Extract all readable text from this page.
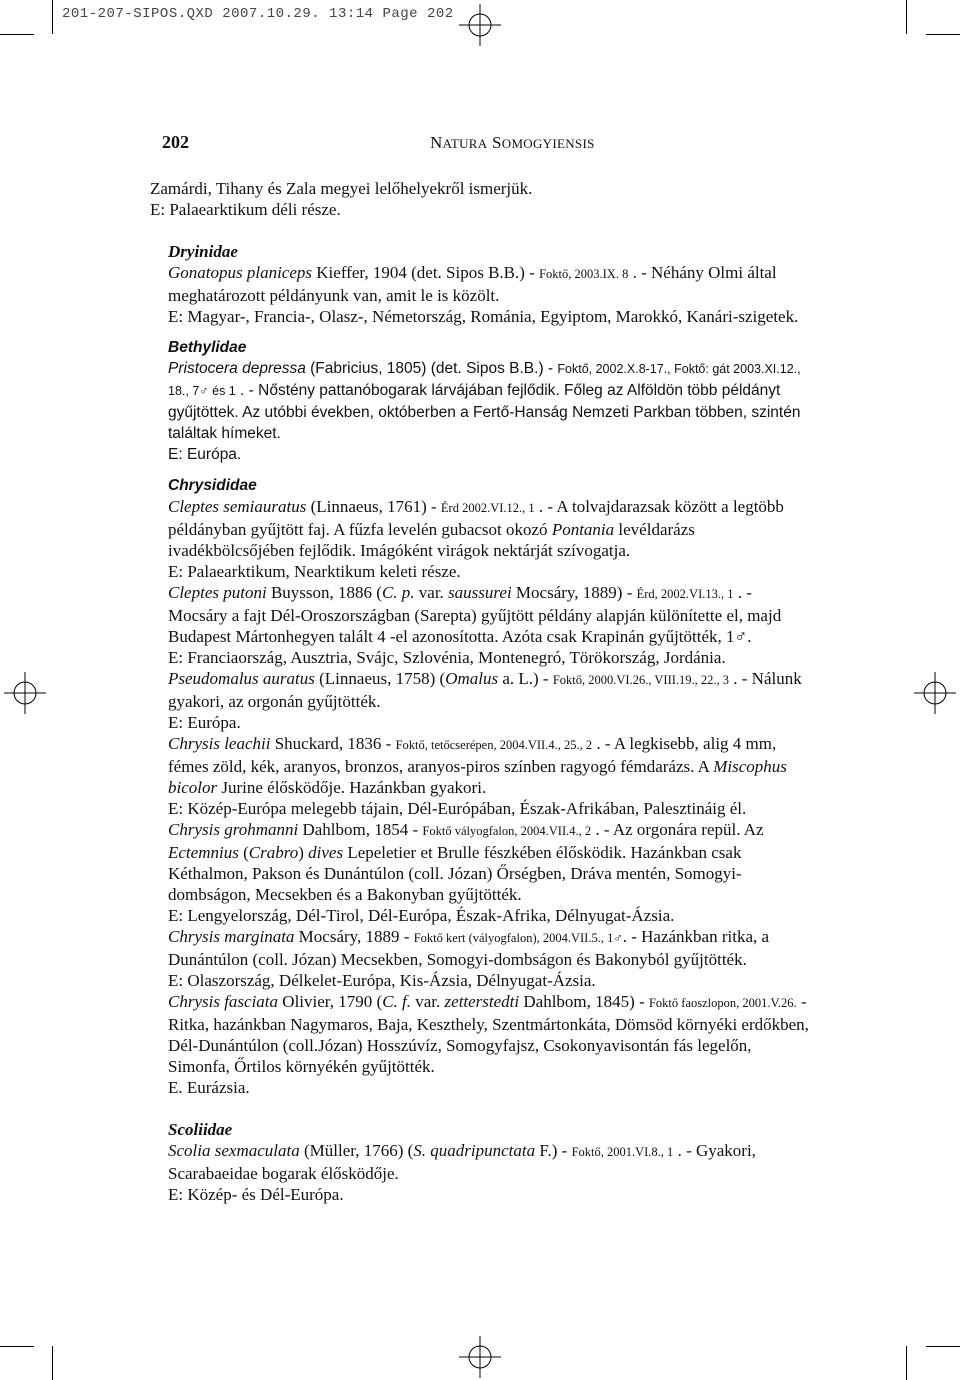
201-207-SIPOS.QXD 2007.10.29. 13:14 Page 202
202	NATURA SOMOGYIENSIS

Zamárdi, Tihany és Zala megyei lelőhelyekről ismerjük.

E: Palaearktikum déli része.

Dryinidae

Gonatopus planiceps Kieffer, 1904 (det. Sipos B.B.) - Foktő, 2003.IX. 8 . - Néhány Olmi által meghatározott példányunk van, amit le is közölt.

E: Magyar-, Francia-, Olasz-, Németország, Románia, Egyiptom, Marokkó, Kanári-szigetek.

Bethylidae

Pristocera depressa (Fabricius, 1805) (det. Sipos B.B.) - Foktő, 2002.X.8-17., Foktő: gát 2003.XI.12., 18., 7♂ és 1 . - Nőstény pattanóbogarak lárvájában fejlődik. Főleg az Alföldön több példányt gyűjtöttek. Az utóbbi években, októberben a Fertő-Hanság Nemzeti Parkban többen, szintén találtak hímeket.

E: Európa.

Chrysididae

Cleptes semiauratus (Linnaeus, 1761) - Érd 2002.VI.12., 1 . - A tolvajdarazsak között a legtöbb példányban gyűjtött faj. A fűzfa levelén gubacsot okozó Pontania levéldarázs ivadékbölcsőjében fejlődik. Imágóként virágok nektárját szívogatja.

E: Palaearktikum, Nearktikum keleti része.

Cleptes putoni Buysson, 1886 (C. p. var. saussurei Mocsáry, 1889) - Érd, 2002.VI.13., 1 . - Mocsáry a fajt Dél-Oroszországban (Sarepta) gyűjtött példány alapján különítette el, majd Budapest Mártonhegyen talált 4 -el azonosította. Azóta csak Krapinán gyűjtötték, 1♂.

E: Franciaország, Ausztria, Svájc, Szlovénia, Montenegró, Törökország, Jordánia.

Pseudomalus auratus (Linnaeus, 1758) (Omalus a. L.) - Foktő, 2000.VI.26., VIII.19., 22., 3 . - Nálunk gyakori, az orgonán gyűjtötték.

E: Európa.

Chrysis leachii Shuckard, 1836 - Foktő, tetőcserépen, 2004.VII.4., 25., 2 . - A legkisebb, alig 4 mm, fémes zöld, kék, aranyos, bronzos, aranyos-piros színben ragyogó fémdarázs. A Miscophus bicolor Jurine élősködője. Hazánkban gyakori.

E: Közép-Európa melegebb tájain, Dél-Európában, Észak-Afrikában, Palesztináig él.

Chrysis grohmanni Dahlbom, 1854 - Foktő vályogfalon, 2004.VII.4., 2 . - Az orgonára repül. Az Ectemnius (Crabro) dives Lepeletier et Brulle fészkében élősködik. Hazánkban csak Kéthalmon, Pakson és Dunántúlon (coll. Józan) Őrségben, Dráva mentén, Somogyi-dombságon, Mecsekben és a Bakonyban gyűjtötték.

E: Lengyelország, Dél-Tirol, Dél-Európa, Észak-Afrika, Délnyugat-Ázsia.

Chrysis marginata Mocsáry, 1889 - Foktő kert (vályogfalon), 2004.VII.5., 1♂. - Hazánkban ritka, a Dunántúlon (coll. Józan) Mecsekben, Somogyi-dombságon és Bakonyból gyűjtötték.

E: Olaszország, Délkelet-Európa, Kis-Ázsia, Délnyugat-Ázsia.

Chrysis fasciata Olivier, 1790 (C. f. var. zetterstedti Dahlbom, 1845) - Foktő faoszlopon, 2001.V.26. - Ritka, hazánkban Nagymaros, Baja, Keszthely, Szentmártonkáta, Dömsöd környéki erdőkben, Dél-Dunántúlon (coll.Józan) Hosszúvíz, Somogyfajsz, Csokonyavisontán fás legelőn, Simonfa, Őrtilos környékén gyűjtötték.

E. Eurázsia.

Scoliidae

Scolia sexmaculata (Müller, 1766) (S. quadripunctata F.) - Foktő, 2001.VI.8., 1 . - Gyakori, Scarabaeidae bogarak élősködője.

E: Közép- és Dél-Európa.
